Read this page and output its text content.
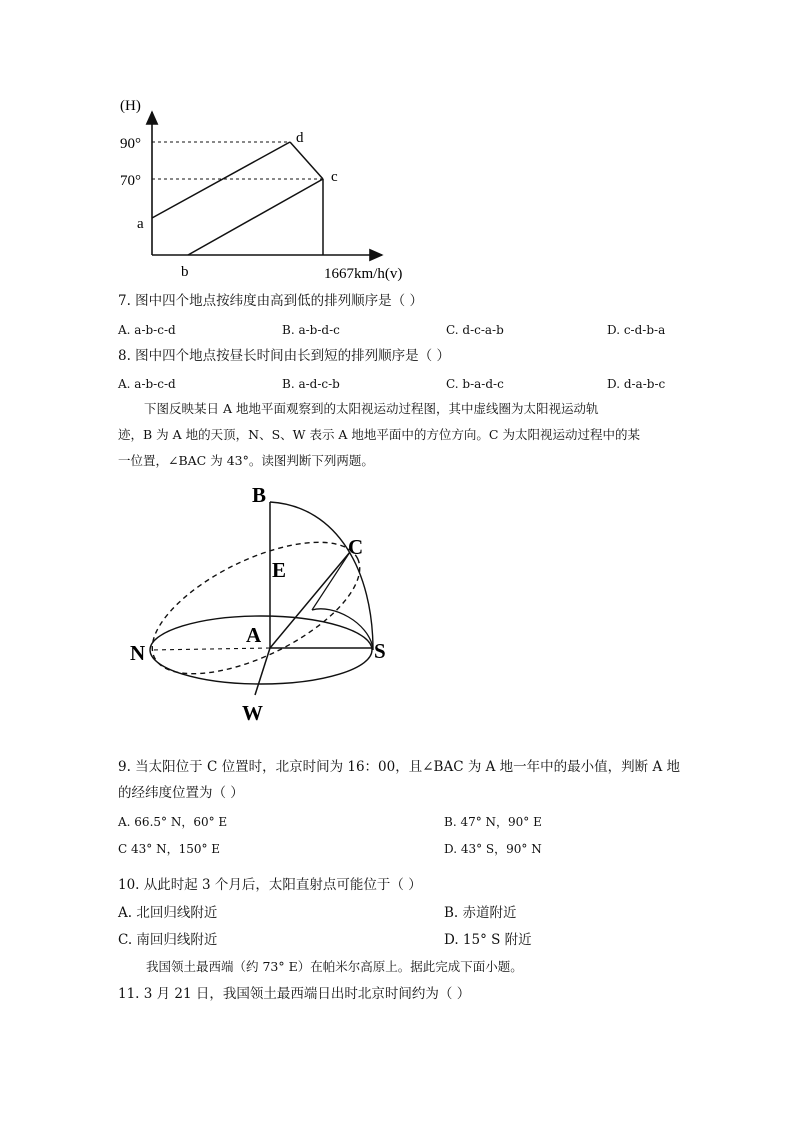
(H)
90°
70°
a
b
c
d
1667km/h(v)
7. 图中四个地点按纬度由高到低的排列顺序是（ ）
A. a-b-c-d	B. a-b-d-c	C. d-c-a-b	D. c-d-b-a
8. 图中四个地点按昼长时间由长到短的排列顺序是（ ）
A. a-b-c-d	B. a-d-c-b	C. b-a-d-c	D. d-a-b-c
下图反映某日 A 地地平面观察到的太阳视运动过程图，其中虚线圈为太阳视运动轨
迹，B 为 A 地的天顶，N、S、W 表示 A 地地平面中的方位方向。C 为太阳视运动过程中的某
一位置，∠BAC 为 43°。读图判断下列两题。
B
C
E
A
N	S
W
9. 当太阳位于 C 位置时，北京时间为 16：00，且∠BAC 为 A 地一年中的最小值，判断 A 地
的经纬度位置为（ ）
A. 66.5° N，60° E	B. 47° N，90° E
C 43° N，150° E	D. 43° S，90° N
10. 从此时起 3 个月后，太阳直射点可能位于（ ）
A. 北回归线附近	B. 赤道附近
C. 南回归线附近	D. 15° S 附近
我国领土最西端（约 73° E）在帕米尔高原上。据此完成下面小题。
11. 3 月 21 日，我国领土最西端日出时北京时间约为（ ）
